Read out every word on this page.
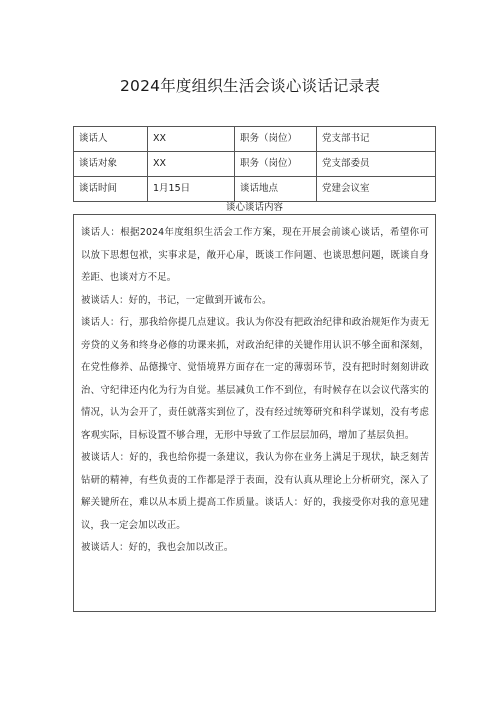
2024年度组织生活会谈心谈话记录表
谈话人	XX	职务（岗位）	党支部书记
谈话对象	XX	职务（岗位）	党支部委员
谈话时间	1月15日	谈话地点	党建会议室
谈心谈话内容

谈话人：根据2024年度组织生活会工作方案，现在开展会前谈心谈话，希望你可以放下思想包袱，实事求是，敞开心扉，既谈工作问题、也谈思想问题，既谈自身差距、也谈对方不足。

被谈话人：好的，书记，一定做到开诚布公。

谈话人：行，那我给你提几点建议。我认为你没有把政治纪律和政治规矩作为责无旁贷的义务和终身必修的功课来抓，对政治纪律的关键作用认识不够全面和深刻，在党性修养、品德操守、觉悟境界方面存在一定的薄弱环节，没有把时时刻刻讲政治、守纪律还内化为行为自觉。基层减负工作不到位，有时候存在以会议代落实的情况，认为会开了，责任就落实到位了，没有经过统筹研究和科学谋划，没有考虑客观实际，目标设置不够合理，无形中导致了工作层层加码，增加了基层负担。

被谈话人：好的，我也给你提一条建议，我认为你在业务上满足于现状，缺乏刻苦钻研的精神，有些负责的工作都是浮于表面，没有认真从理论上分析研究，深入了解关键所在，难以从本质上提高工作质量。谈话人：好的，我接受你对我的意见建议，我一定会加以改正。

被谈话人：好的，我也会加以改正。
